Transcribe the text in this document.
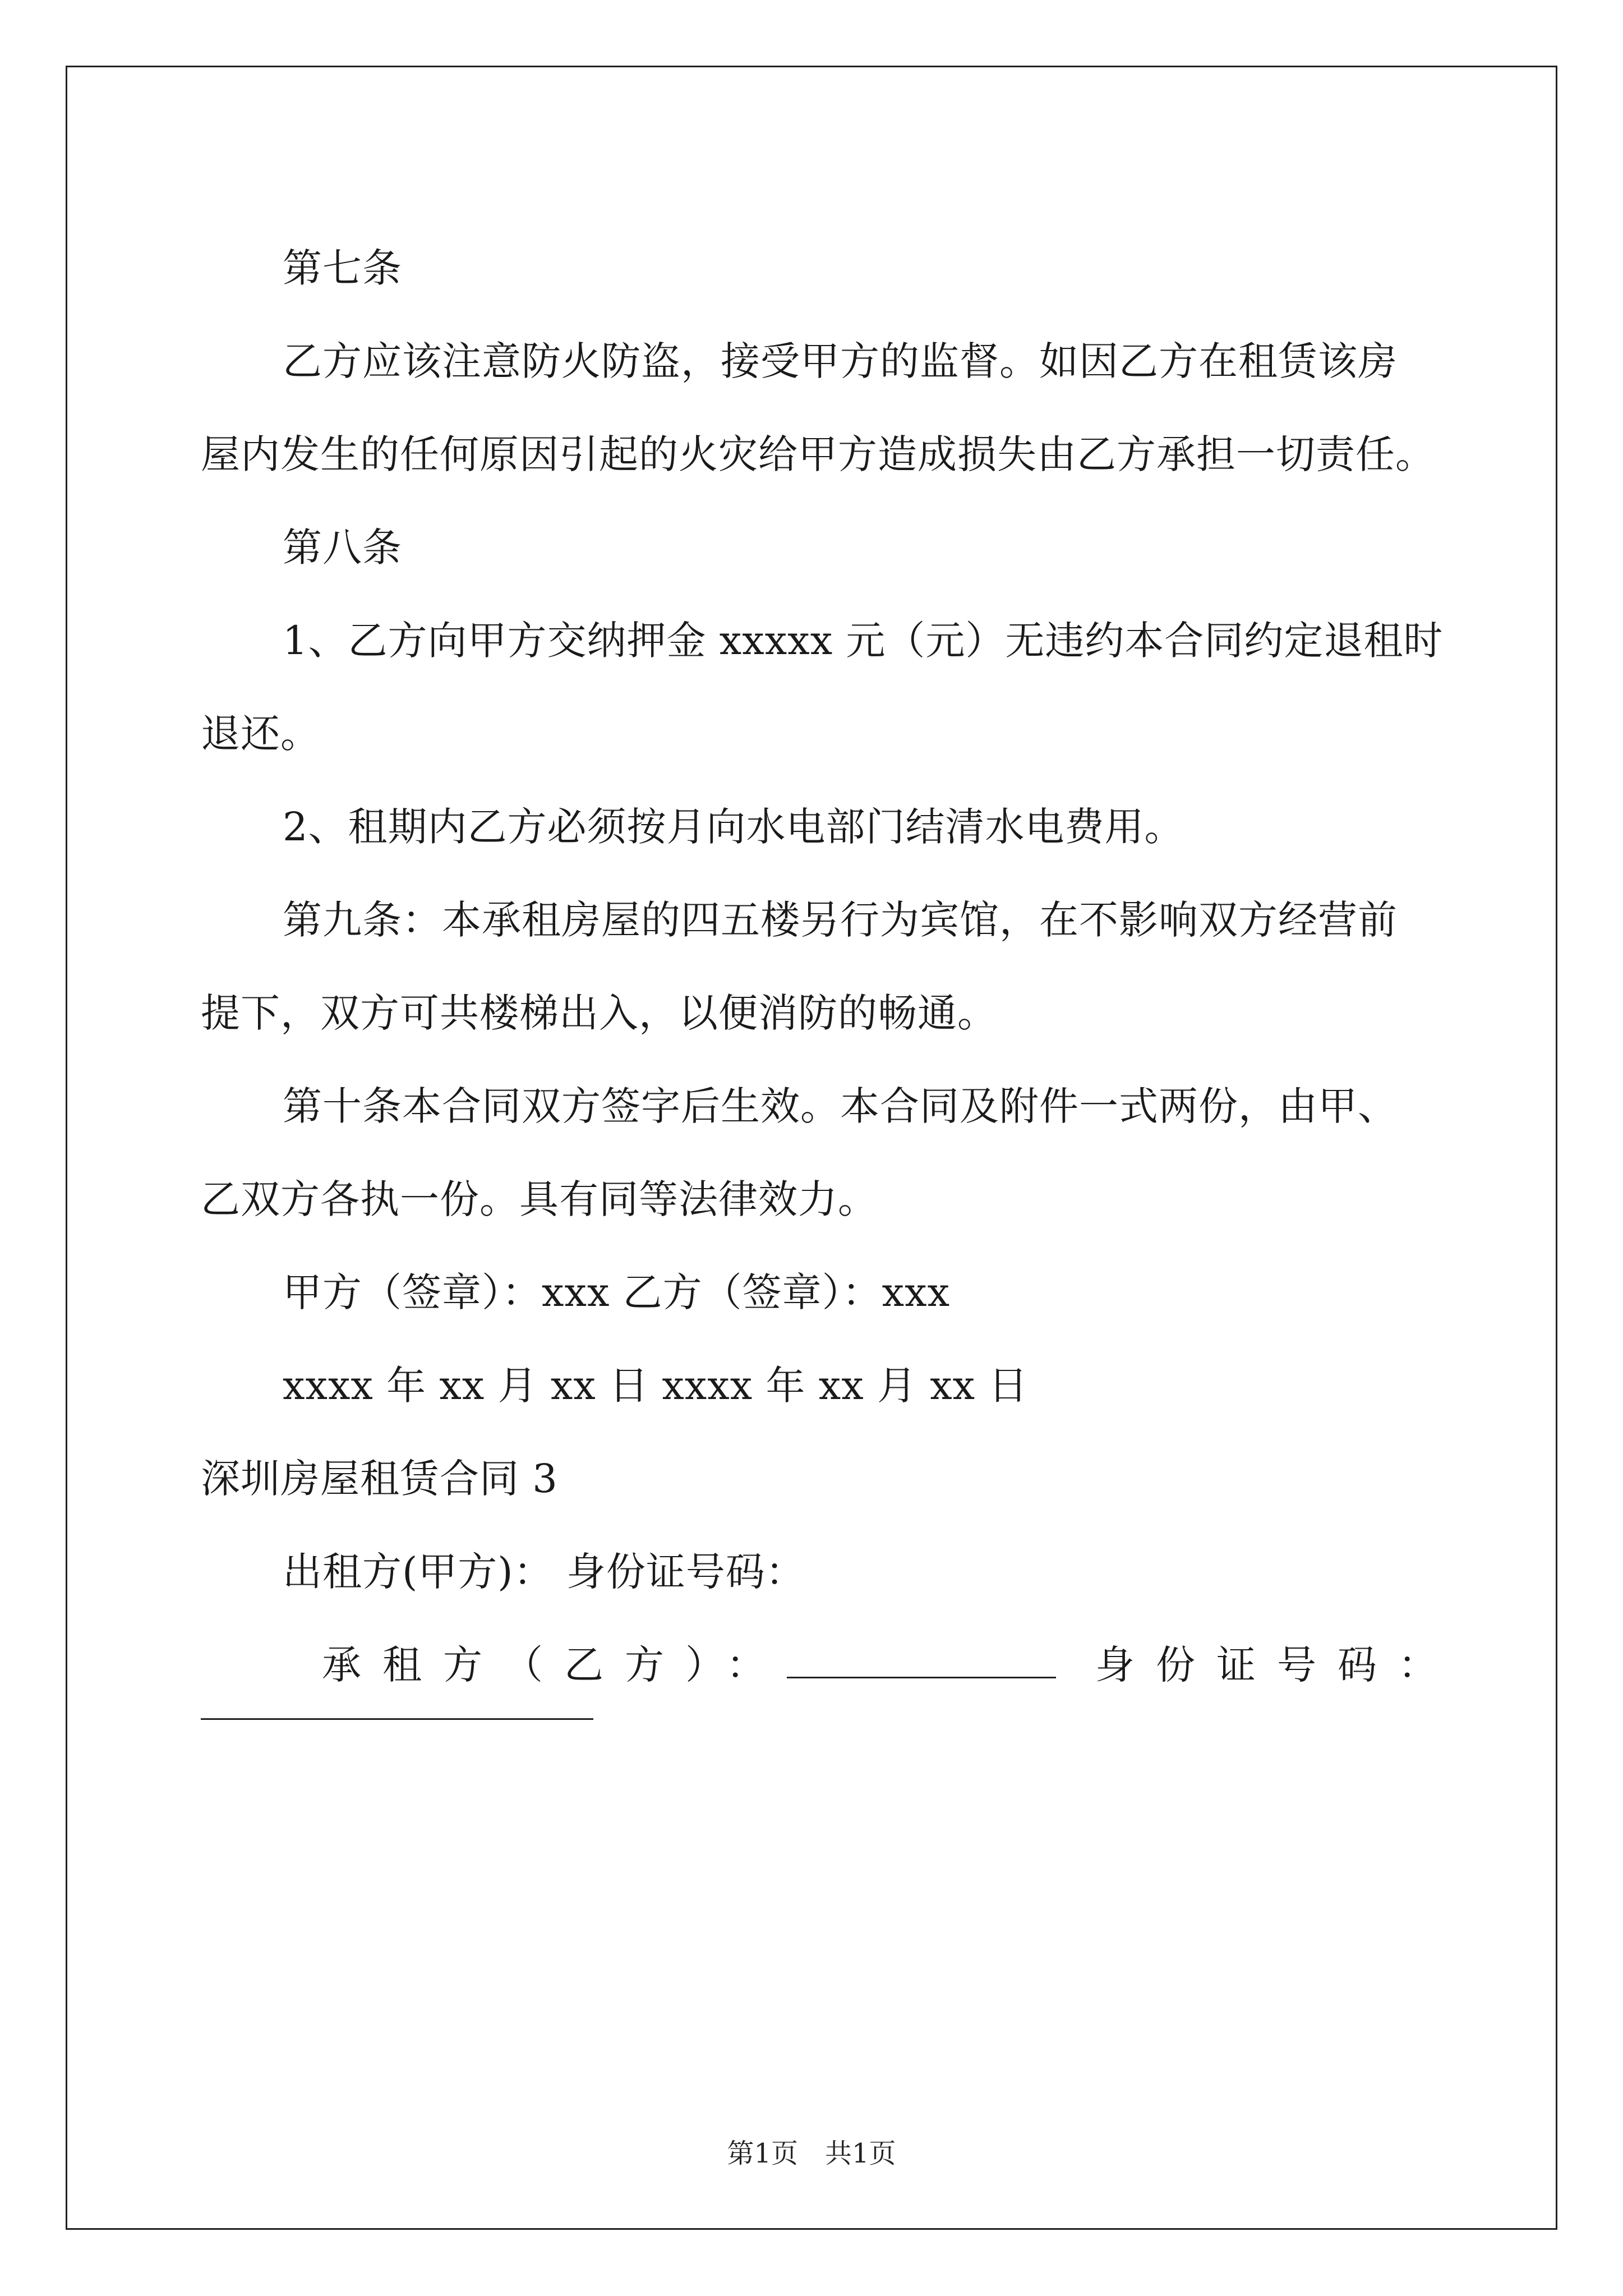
第七条
乙方应该注意防火防盗，接受甲方的监督。如因乙方在租赁该房
屋内发生的任何原因引起的火灾给甲方造成损失由乙方承担一切责任。
第八条
1、乙方向甲方交纳押金 xxxxx 元（元）无违约本合同约定退租时
退还。
2、租期内乙方必须按月向水电部门结清水电费用。
第九条：本承租房屋的四五楼另行为宾馆，在不影响双方经营前
提下，双方可共楼梯出入，以便消防的畅通。
第十条本合同双方签字后生效。本合同及附件一式两份，由甲、
乙双方各执一份。具有同等法律效力。
甲方（签章）：xxx 乙方（签章）：xxx
xxxx 年 xx 月 xx 日 xxxx 年 xx 月 xx 日
深圳房屋租赁合同 3
出租方(甲方)： 身份证号码：
承租方（乙方）：	身份证号码：
第1页　共1页
